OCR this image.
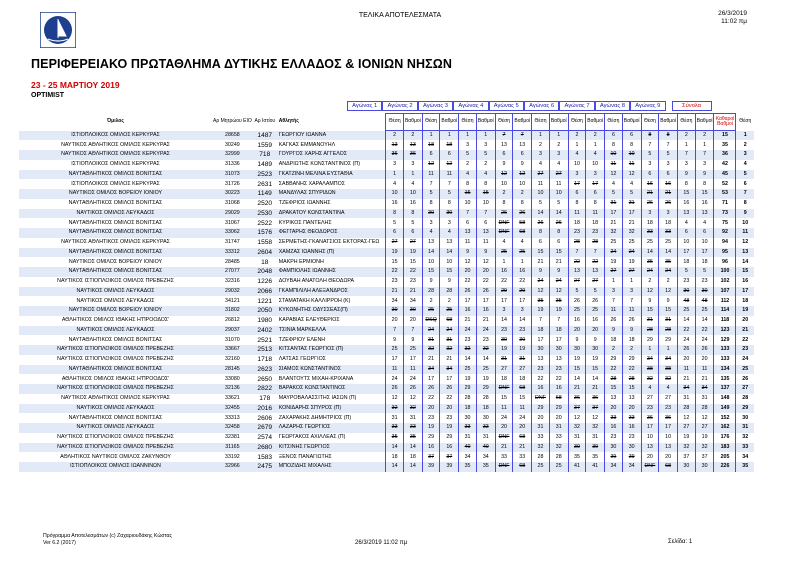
ΤΕΛΙΚΑ ΑΠΟΤΕΛΕΣΜΑΤΑ	26/3/2019
11:02 πμ
ΠΕΡΙΦΕΡΕΙΑΚΟ ΠΡΩΤΑΘΛΗΜΑ ΔΥΤΙΚΗΣ ΕΛΛΑΔΟΣ & ΙΟΝΙΩΝ ΝΗΣΩΝ
23 - 25 ΜΑΡΤΙΟΥ 2019
OPTIMIST
Αγώνας 1	Αγώνας 2	Αγώνας 3	Αγώνας 4	Αγώνας 5	Αγώνας 6	Αγώνας 7	Αγώνας 8	Αγώνας 9	Σύνολα
Όμιλος	Αρ Μητρώου ΕΙΟ	Αρ Ιστίου	Αθλητής	Θέση	Βαθμοί	Θέση	Βαθμοί	Θέση	Βαθμοί	Θέση	Βαθμοί	Θέση	Βαθμοί	Θέση	Βαθμοί	Θέση	Βαθμοί	Θέση	Βαθμοί	Θέση	Βαθμοί	Καθαροί Βαθμοί	Θέση
ΙΣΤΙΟΠΛΟΙΚΟΣ ΟΜΙΛΟΣ ΚΕΡΚΥΡΑΣ	28658	1487	ΓΕΩΡΓΙΟΥ ΙΩΑΝΝΑ	2	2	1	1	1	1	7	7	1	1	2	2	6	6	8	8	2	2	15	1
ΝΑΥΤΙΚΟΣ ΑΘΛΗΤΙΚΟΣ ΟΜΙΛΟΣ ΚΕΡΚΥΡΑΣ	30249	1559	ΚΑΓΚΑΣ ΕΜΜΑΝΟΥΗΛ	13	13	18	18	3	3	13	13	2	2	1	1	8	8	7	7	1	1	35	2
ΝΑΥΤΙΚΟΣ ΑΘΛΗΤΙΚΟΣ ΟΜΙΛΟΣ ΚΕΡΚΥΡΑΣ	32999	718	ΓΟΥΡΓΟΣ ΧΑΡΗΣ ΑΓΓΕΛΟΣ	36	36	6	6	5	5	6	6	3	3	4	4	10	10	5	5	7	7	36	3
ΙΣΤΙΟΠΛΟΙΚΟΣ ΟΜΙΛΟΣ ΚΕΡΚΥΡΑΣ	31336	1489	ΑΝΔΡΙΩΤΗΣ ΚΩΝΣΤΑΝΤΙΝΟΣ (Π)	3	3	12	12	2	2	9	9	4	4	10	10	11	11	3	3	3	3	42	4
ΝΑΥΤΑΘΛΗΤΙΚΟΣ ΟΜΙΛΟΣ ΒΟΝΙΤΣΑΣ	31073	2523	ΓΚΑΤΖΙΝΗ ΜΕΛΙΝΑ ΕΥΣΤΑΘΙΑ	1	1	11	11	4	4	12	12	27	27	3	3	12	12	6	6	9	9	45	5
ΙΣΤΙΟΠΛΟΙΚΟΣ ΟΜΙΛΟΣ ΚΕΡΚΥΡΑΣ	31726	2631	ΣΑΒΒΑΝΗΣ ΧΑΡΑΛΑΜΠΟΣ	4	4	7	7	8	8	10	10	11	11	17	17	4	4	16	16	8	8	52	6
ΝΑΥΤΙΚΟΣ ΟΜΙΛΟΣ ΒΟΡΕΙΟΥ ΙΟΝΙΟΥ	30223	1149	ΜΑΝΔΥΛΑΣ ΣΠΥΡΙΔΩΝ	10	10	5	5	15	15	2	2	10	10	6	6	5	5	21	21	15	15	53	7
ΝΑΥΤΑΘΛΗΤΙΚΟΣ ΟΜΙΛΟΣ ΒΟΝΙΤΣΑΣ	31068	2520	ΤΖΕΦΡΙΟΣ ΙΩΑΝΝΗΣ	16	16	8	8	10	10	8	8	5	5	8	8	31	31	26	26	16	16	71	8
ΝΑΥΤΙΚΟΣ ΟΜΙΛΟΣ ΛΕΥΚΑΔΟΣ	29029	2530	ΔΡΑΚΑΤΟΥ ΚΩΝΣΤΑΝΤΙΝΑ	8	8	30	30	7	7	26	26	14	14	11	11	17	17	3	3	13	13	73	9
ΝΑΥΤΑΘΛΗΤΙΚΟΣ ΟΜΙΛΟΣ ΒΟΝΙΤΣΑΣ	31067	2522	ΚΥΡΙΚΟΣ ΠΑΝΤΕΛΗΣ	5	5	3	3	6	6	DNF	58	26	26	18	18	21	21	18	18	4	4	75	10
ΝΑΥΤΑΘΛΗΤΙΚΟΣ ΟΜΙΛΟΣ ΒΟΝΙΤΣΑΣ	33062	1576	ΦΕΓΓΑΡΗΣ ΘΕΟΔΩΡΟΣ	6	6	4	4	13	13	DNF	68	8	8	23	23	32	32	33	33	6	6	92	11
ΝΑΥΤΙΚΟΣ ΑΘΛΗΤΙΚΟΣ ΟΜΙΛΟΣ ΚΕΡΚΥΡΑΣ	31747	1558	ΣΕΡΜΕΤΗΣ-ΓΚΑΝΑΤΣΙΟΣ ΕΚΤΟΡΑΣ-ΓΕΩ	27	27	13	13	11	11	4	4	6	6	28	28	25	25	25	25	10	10	94	12
ΝΑΥΤΑΘΛΗΤΙΚΟΣ ΟΜΙΛΟΣ ΒΟΝΙΤΣΑΣ	33312	2604	ΧΑΜΖΑΣ ΙΩΑΝΝΗΣ (Π)	19	19	14	14	9	9	25	25	15	15	7	7	24	24	14	14	17	17	95	13
ΝΑΥΤΙΚΟΣ ΟΜΙΛΟΣ ΒΟΡΕΙΟΥ ΙΟΝΙΟΥ	28485	18	ΜΑΚΡΗ ΕΡΜΙΟΝΗ	15	15	10	10	12	12	1	1	21	21	22	22	19	19	35	35	18	18	96	14
ΝΑΥΤΑΘΛΗΤΙΚΟΣ ΟΜΙΛΟΣ ΒΟΝΙΤΣΑΣ	27077	2048	ΦΑΜΠΙΟΛΗΣ ΙΩΑΝΝΗΣ	22	22	15	15	20	20	16	16	9	9	13	13	27	27	24	24	5	5	100	15
ΝΑΥΤΙΚΟΣ ΙΣΤΙΟΠΛΟΙΚΟΣ ΟΜΙΛΟΣ ΠΡΕΒΕΖΗΣ	32316	1226	ΔΟΥΒΑΗ ΑΝΑΤΟΛΗ ΘΕΟΔΩΡΑ	23	23	9	9	22	22	22	22	24	24	27	27	1	1	2	2	23	23	102	16
ΝΑΥΤΙΚΟΣ ΟΜΙΛΟΣ ΛΕΥΚΑΔΟΣ	29032	2066	ΓΚΑΜΠΙΛΙΛΗ ΑΛΕΞΑΝΔΡΟΣ	21	21	28	28	26	26	29	29	12	12	5	5	3	3	12	12	30	30	107	17
ΝΑΥΤΙΚΟΣ ΟΜΙΛΟΣ ΛΕΥΚΑΔΟΣ	34121	1221	ΣΤΑΜΑΤΑΚΗ ΚΑΛΛΙΡΡΟΗ (Κ)	34	34	2	2	17	17	17	17	35	35	26	26	7	7	9	9	48	48	112	18
ΝΑΥΤΙΚΟΣ ΟΜΙΛΟΣ ΒΟΡΕΙΟΥ ΙΟΝΙΟΥ	31802	2050	ΚΥΚΩΝΗΤΗΣ ΟΔΥΣΣΕΑΣ(Π)	30	30	25	25	16	16	3	3	19	19	25	25	11	11	15	15	25	25	114	19
ΑΘΛΗΤΙΚΟΣ ΟΜΙΛΟΣ ΙΘΑΚΗΣ Η'ΠΡΟΟΔΟΣ'	26812	1980	ΚΑΡΑΒΙΑΣ ΕΛΕΥΘΕΡΙΟΣ	20	20	DSQ	68	21	21	14	14	7	7	16	16	26	26	31	31	14	14	118	20
ΝΑΥΤΙΚΟΣ ΟΜΙΛΟΣ ΛΕΥΚΑΔΟΣ	29037	2402	ΤΣΙΝΙΑ ΜΑΡΚΕΛΛΑ	7	7	24	24	24	24	23	23	18	18	20	20	9	9	28	28	22	22	123	21
ΝΑΥΤΑΘΛΗΤΙΚΟΣ ΟΜΙΛΟΣ ΒΟΝΙΤΣΑΣ	31070	2521	ΤΖΕΦΡΙΟΥ ΕΛΕΝΗ	9	9	31	31	23	23	30	30	17	17	9	9	18	18	29	29	24	24	129	22
ΝΑΥΤΙΚΟΣ ΙΣΤΙΟΠΛΟΙΚΟΣ ΟΜΙΛΟΣ ΠΡΕΒΕΖΗΣ	33667	2513	ΚΙΤΣΑΝΤΑΣ ΓΕΩΡΓΙΟΣ (Π)	25	25	32	32	32	32	19	19	30	30	30	30	2	2	1	1	26	26	133	23
ΝΑΥΤΙΚΟΣ ΙΣΤΙΟΠΛΟΙΚΟΣ ΟΜΙΛΟΣ ΠΡΕΒΕΖΗΣ	32160	1718	ΛΑΤΣΑΣ ΓΕΩΡΓΙΟΣ	17	17	21	21	14	14	31	31	13	13	19	19	29	29	34	34	20	20	133	24
ΝΑΥΤΑΘΛΗΤΙΚΟΣ ΟΜΙΛΟΣ ΒΟΝΙΤΣΑΣ	28145	2623	ΣΙΑΜΟΣ ΚΩΝΣΤΑΝΤΙΝΟΣ	11	11	34	34	25	25	27	27	23	23	15	15	22	22	38	38	11	11	134	25
ΑΘΛΗΤΙΚΟΣ ΟΜΙΛΟΣ ΙΘΑΚΗΣ Η'ΠΡΟΟΔΟΣ'	33080	2650	ΒΛΑΝΤΟΥΤΣ ΜΙΧΑΗ-ΚΡΙΧΑΝΑ	24	24	17	17	19	19	18	18	22	22	14	14	28	28	32	32	21	21	135	26
ΝΑΥΤΙΚΟΣ ΙΣΤΙΟΠΛΟΙΚΟΣ ΟΜΙΛΟΣ ΠΡΕΒΕΖΗΣ	32136	2822	ΒΑΡΑΚΟΣ ΚΩΝΣΤΑΝΤΙΝΟΣ	26	26	26	26	29	29	DNF	68	16	16	21	21	15	15	4	4	34	34	137	27
ΝΑΥΤΙΚΟΣ ΑΘΛΗΤΙΚΟΣ ΟΜΙΛΟΣ ΚΕΡΚΥΡΑΣ	33621	178	ΜΑΥΡΟΒΑΛΑΣΣΙΤΗΣ ΙΑΣΩΝ (Π)	12	12	22	22	28	28	15	15	DNF	68	36	36	13	13	27	27	31	31	148	28
ΝΑΥΤΙΚΟΣ ΟΜΙΛΟΣ ΛΕΥΚΑΔΟΣ	32455	2016	ΚΟΝΙΔΑΡΗΣ ΣΠΥΡΟΣ (Π)	32	32	20	20	18	18	11	11	29	29	37	37	20	20	23	23	28	28	149	29
ΝΑΥΤΑΘΛΗΤΙΚΟΣ ΟΜΙΛΟΣ ΒΟΝΙΤΣΑΣ	33313	2606	ΖΑΧΑΡΑΚΗΣ ΔΗΜΗΤΡΙΟΣ (Π)	31	31	23	23	30	30	24	24	20	20	12	12	33	33	36	36	12	12	152	30
ΝΑΥΤΙΚΟΣ ΟΜΙΛΟΣ ΛΕΥΚΑΔΟΣ	32458	2679	ΛΑΖΑΡΗΣ ΓΕΩΡΓΙΟΣ	33	33	19	19	33	33	20	20	31	31	32	32	16	16	17	17	27	27	162	31
ΝΑΥΤΙΚΟΣ ΙΣΤΙΟΠΛΟΙΚΟΣ ΟΜΙΛΟΣ ΠΡΕΒΕΖΗΣ	32381	2574	ΓΕΩΡΓΑΚΟΣ ΑΧΙΛΛΕΑΣ (Π)	35	35	29	29	31	31	DNF	68	33	33	31	31	23	23	10	10	19	19	176	32
ΝΑΥΤΙΚΟΣ ΙΣΤΙΟΠΛΟΙΚΟΣ ΟΜΙΛΟΣ ΠΡΕΒΕΖΗΣ	31165	2680	ΚΙΤΣΙΝΗΣ ΓΕΩΡΓΙΟΣ	14	14	16	16	40	40	21	21	32	32	39	39	30	30	13	13	32	32	183	33
ΑΘΛΗΤΙΚΟΣ ΝΑΥΤΙΚΟΣ ΟΜΙΛΟΣ ΖΑΚΥΝΘΟΥ	33192	1583	ΞΕΝΟΣ ΠΑΝΑΓΙΩΤΗΣ	18	18	37	37	34	34	33	33	28	28	35	35	39	39	20	20	37	37	205	34
ΙΣΤΙΟΠΛΟΙΚΟΣ ΟΜΙΛΟΣ ΙΩΑΝΝΙΝΩΝ	32966	2475	ΜΠΟΖΙΔΗΣ ΜΙΧΑΛΗΣ	14	14	39	39	35	35	DNF	68	25	25	41	41	34	34	DNF	68	30	30	226	35
Πρόγραμμα Αποτελεσμάτων (c) Ζαχαριουδάκης Κώστας
Ver 6.2 (2017)	26/3/2019 11:02 πμ	Σελίδα: 1
